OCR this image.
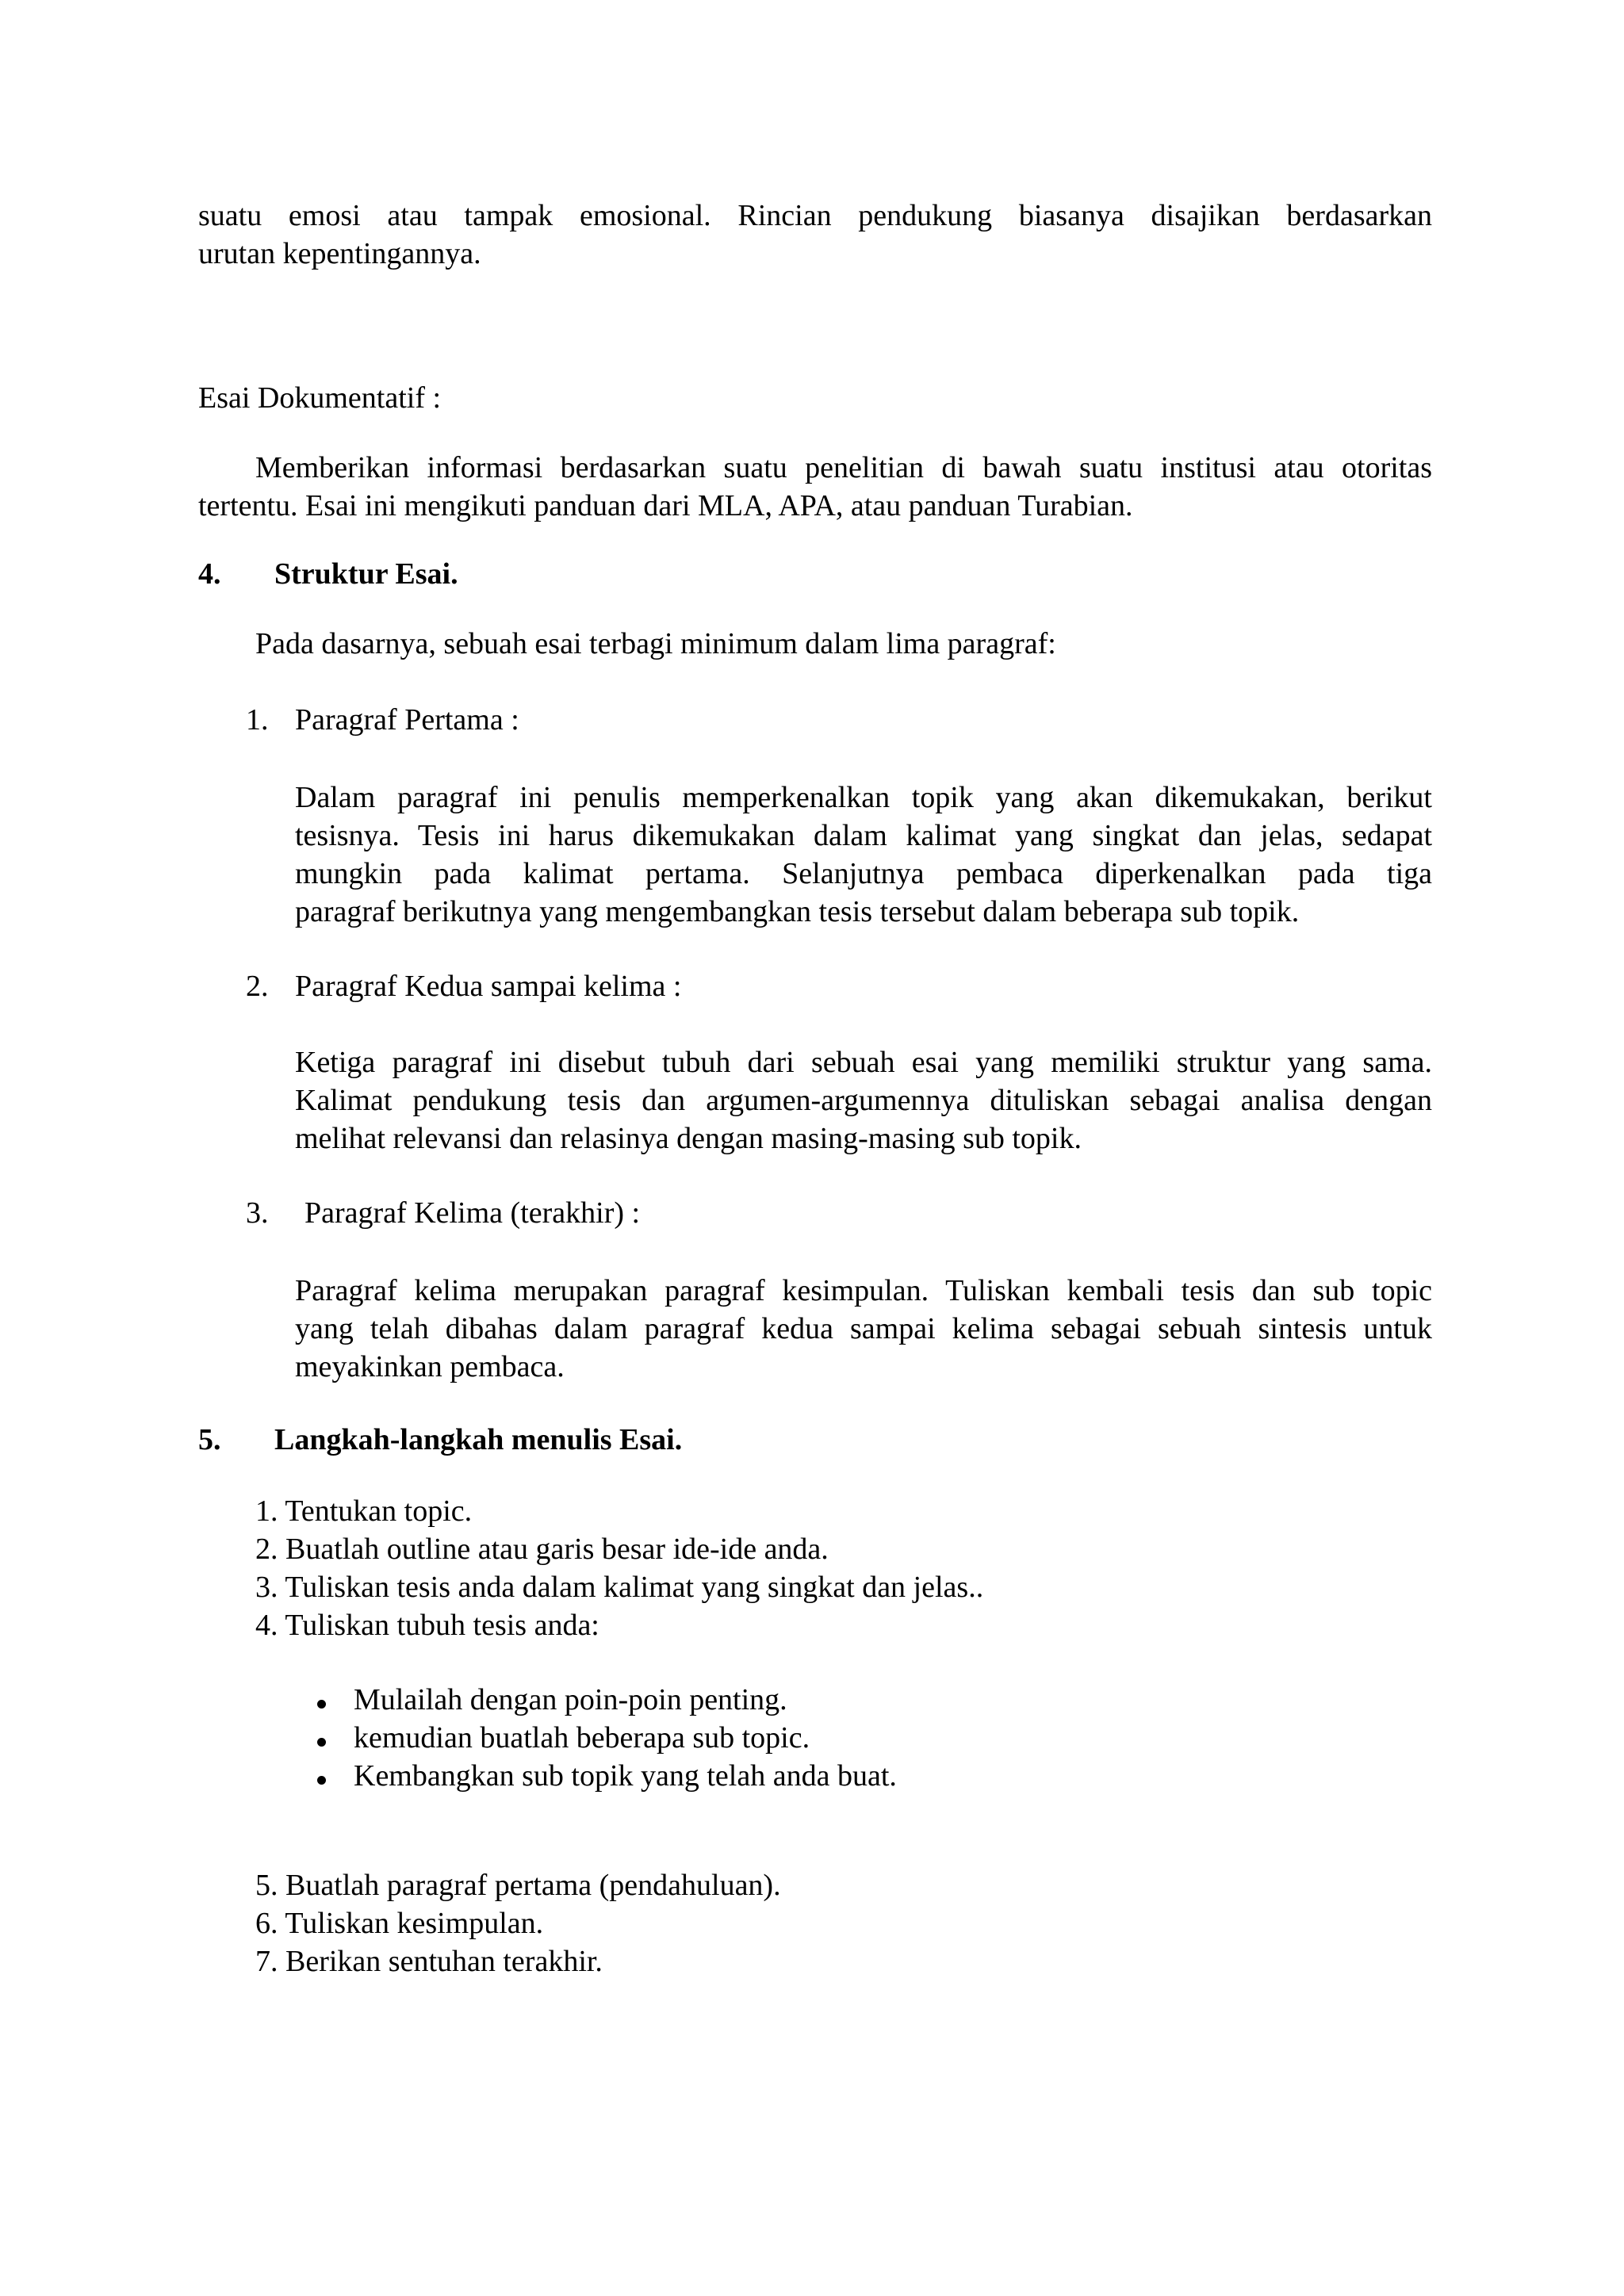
suatu emosi atau tampak emosional. Rincian pendukung biasanya disajikan berdasarkan

urutan kepentingannya.

Esai Dokumentatif :

Memberikan informasi berdasarkan suatu penelitian di bawah suatu institusi atau otoritas

tertentu. Esai ini mengikuti panduan dari MLA, APA, atau panduan Turabian.

4. Struktur Esai.

Pada dasarnya, sebuah esai terbagi minimum dalam lima paragraf:

1. Paragraf Pertama :

Dalam paragraf ini penulis memperkenalkan topik yang akan dikemukakan, berikut

tesisnya. Tesis ini harus dikemukakan dalam kalimat yang singkat dan jelas, sedapat

mungkin pada kalimat pertama. Selanjutnya pembaca diperkenalkan pada tiga

paragraf berikutnya yang mengembangkan tesis tersebut dalam beberapa sub topik.

2. Paragraf Kedua sampai kelima :

Ketiga paragraf ini disebut tubuh dari sebuah esai yang memiliki struktur yang sama.

Kalimat pendukung tesis dan argumen-argumennya dituliskan sebagai analisa dengan

melihat relevansi dan relasinya dengan masing-masing sub topik.

3. Paragraf Kelima (terakhir) :

Paragraf kelima merupakan paragraf kesimpulan. Tuliskan kembali tesis dan sub topic

yang telah dibahas dalam paragraf kedua sampai kelima sebagai sebuah sintesis untuk

meyakinkan pembaca.

5. Langkah-langkah menulis Esai.

1. Tentukan topic.

2. Buatlah outline atau garis besar ide-ide anda.

3. Tuliskan tesis anda dalam kalimat yang singkat dan jelas..

4. Tuliskan tubuh tesis anda:

Mulailah dengan poin-poin penting.

kemudian buatlah beberapa sub topic.

Kembangkan sub topik yang telah anda buat.

5. Buatlah paragraf pertama (pendahuluan).

6. Tuliskan kesimpulan.

7. Berikan sentuhan terakhir.
